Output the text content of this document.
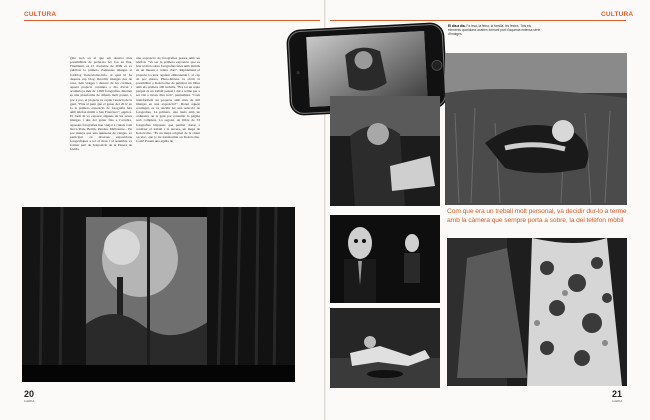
CULTURA	CULTURA
gina web on el que em donava més possibilitats de poder-ho fer fou en fins. Finalment, el 15 d'octubre de 2009 es va publicar la primera d'aquestes imatges al fotoblog Kokoviolno.info, al qual hi ha després cap blog. Recollir imatges des de casa, dels viatges i darrere de les cortines, aquest projecte continua a dia d'avui i acumula ja més de 1.000 fotografies. Internet és una plataforma de difusió molt potent, i, poc a poc, el projecte va captar l'atenció de la gent. "Fins al punt que el gener del 2012 en fa la primera exposició de fotografia feta amb telèfon mòbil a San Francisco", explica. El Jordi hi va exposar algunes de les seves imatges i des del gener fins a l'octubre, aquestes fotografies han viatjat a ciutats com Nova York, Berlín, Parelsa, Melbourne... En poc menys que una quinzena de viatges, va participar en diverses exposicions fotogràfiques a tot el món i al setembre va formar part de l'exposició de la Panera de Lleida.
una exposició de fotografies preses amb un telèfon. "Va ser la primera exposició que es feia al món sobre fotografies fetes amb mòbils en un museu o centre d'art". Ràpidament el projecte va anar agafant embranzida i, al cap de poc mesos, Photo-Kiruna va oferir la possibilitat a Kokovolno de publicar un llibre amb els primers 100 treballs. "Era tot un repte perquè és un treball pensat i dut a terme per a ser vist a través d'un web", puntualitza. "Com transformem un projecte amb més de mil imatges en una exposició?". Donat aquest contingut, es va decidir fer una selecció de fotografies. La primera, una taula amb un ordinador on la gent pot consultar la pàgina web completa. La segona, un llibre de 53 fotografies impreses que permet donar a conèixer el treball i la tercera, un mapa de Kokovolno. "És un mapa original de la ciutat on visc, que jo he transformat en Kokovolno. Com? Posant una agulla de
El dia a dia. Fa lesa, la feina, la familia, les festes. Tots els elements quotidians acaben formant part d'aquesta extensa sèrie d'imatges.
Com que era un treball molt personal, va decidir dur-lo a terme amb la càmera que sempre porta a sobre, la del telèfon mòbil
20
LLEIDA
21
LLEIDA
